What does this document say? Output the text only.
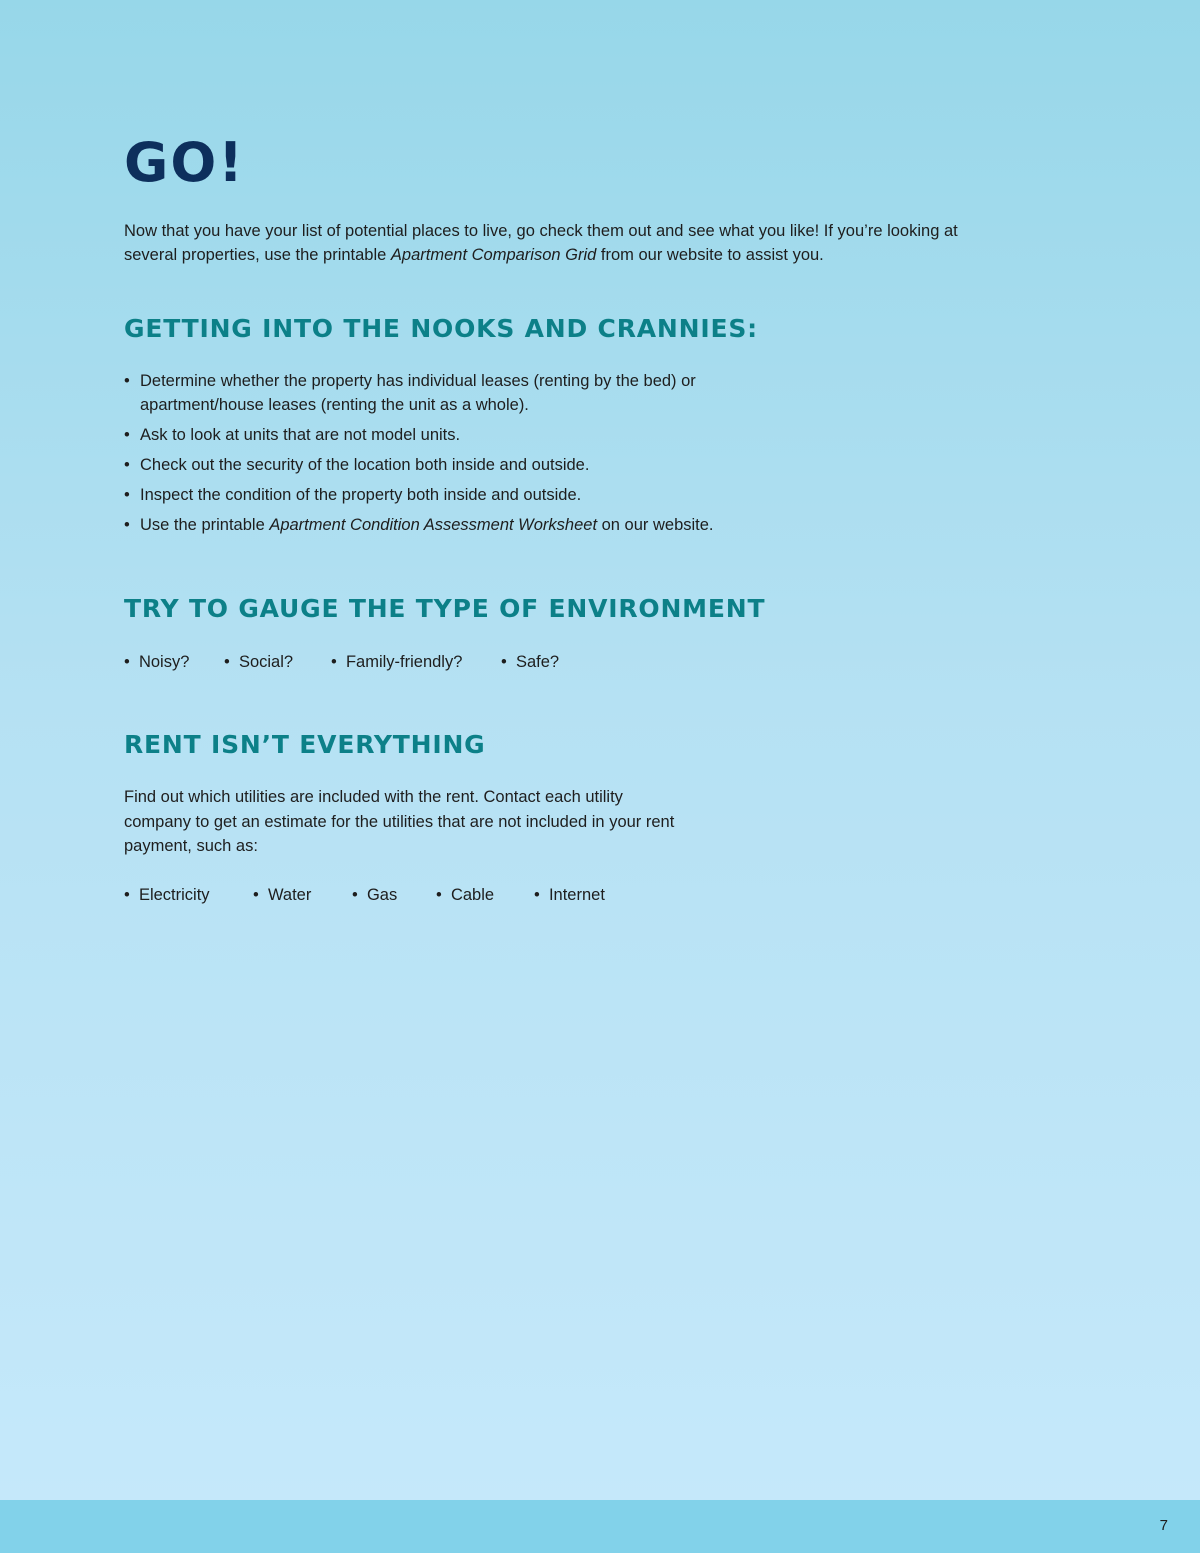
GO!

Now that you have your list of potential places to live, go check them out and see what you like! If you’re looking at several properties, use the printable Apartment Comparison Grid from our website to assist you.

GETTING INTO THE NOOKS AND CRANNIES:
• Determine whether the property has individual leases (renting by the bed) or apartment/house leases (renting the unit as a whole).
• Ask to look at units that are not model units.
• Check out the security of the location both inside and outside.
• Inspect the condition of the property both inside and outside.
• Use the printable Apartment Condition Assessment Worksheet on our website.
TRY TO GAUGE THE TYPE OF ENVIRONMENT
• Noisy? • Social? • Family-friendly? • Safe?
RENT ISN’T EVERYTHING

Find out which utilities are included with the rent. Contact each utility company to get an estimate for the utilities that are not included in your rent payment, such as:

• Electricity	• Water • Gas • Cable • Internet
7
